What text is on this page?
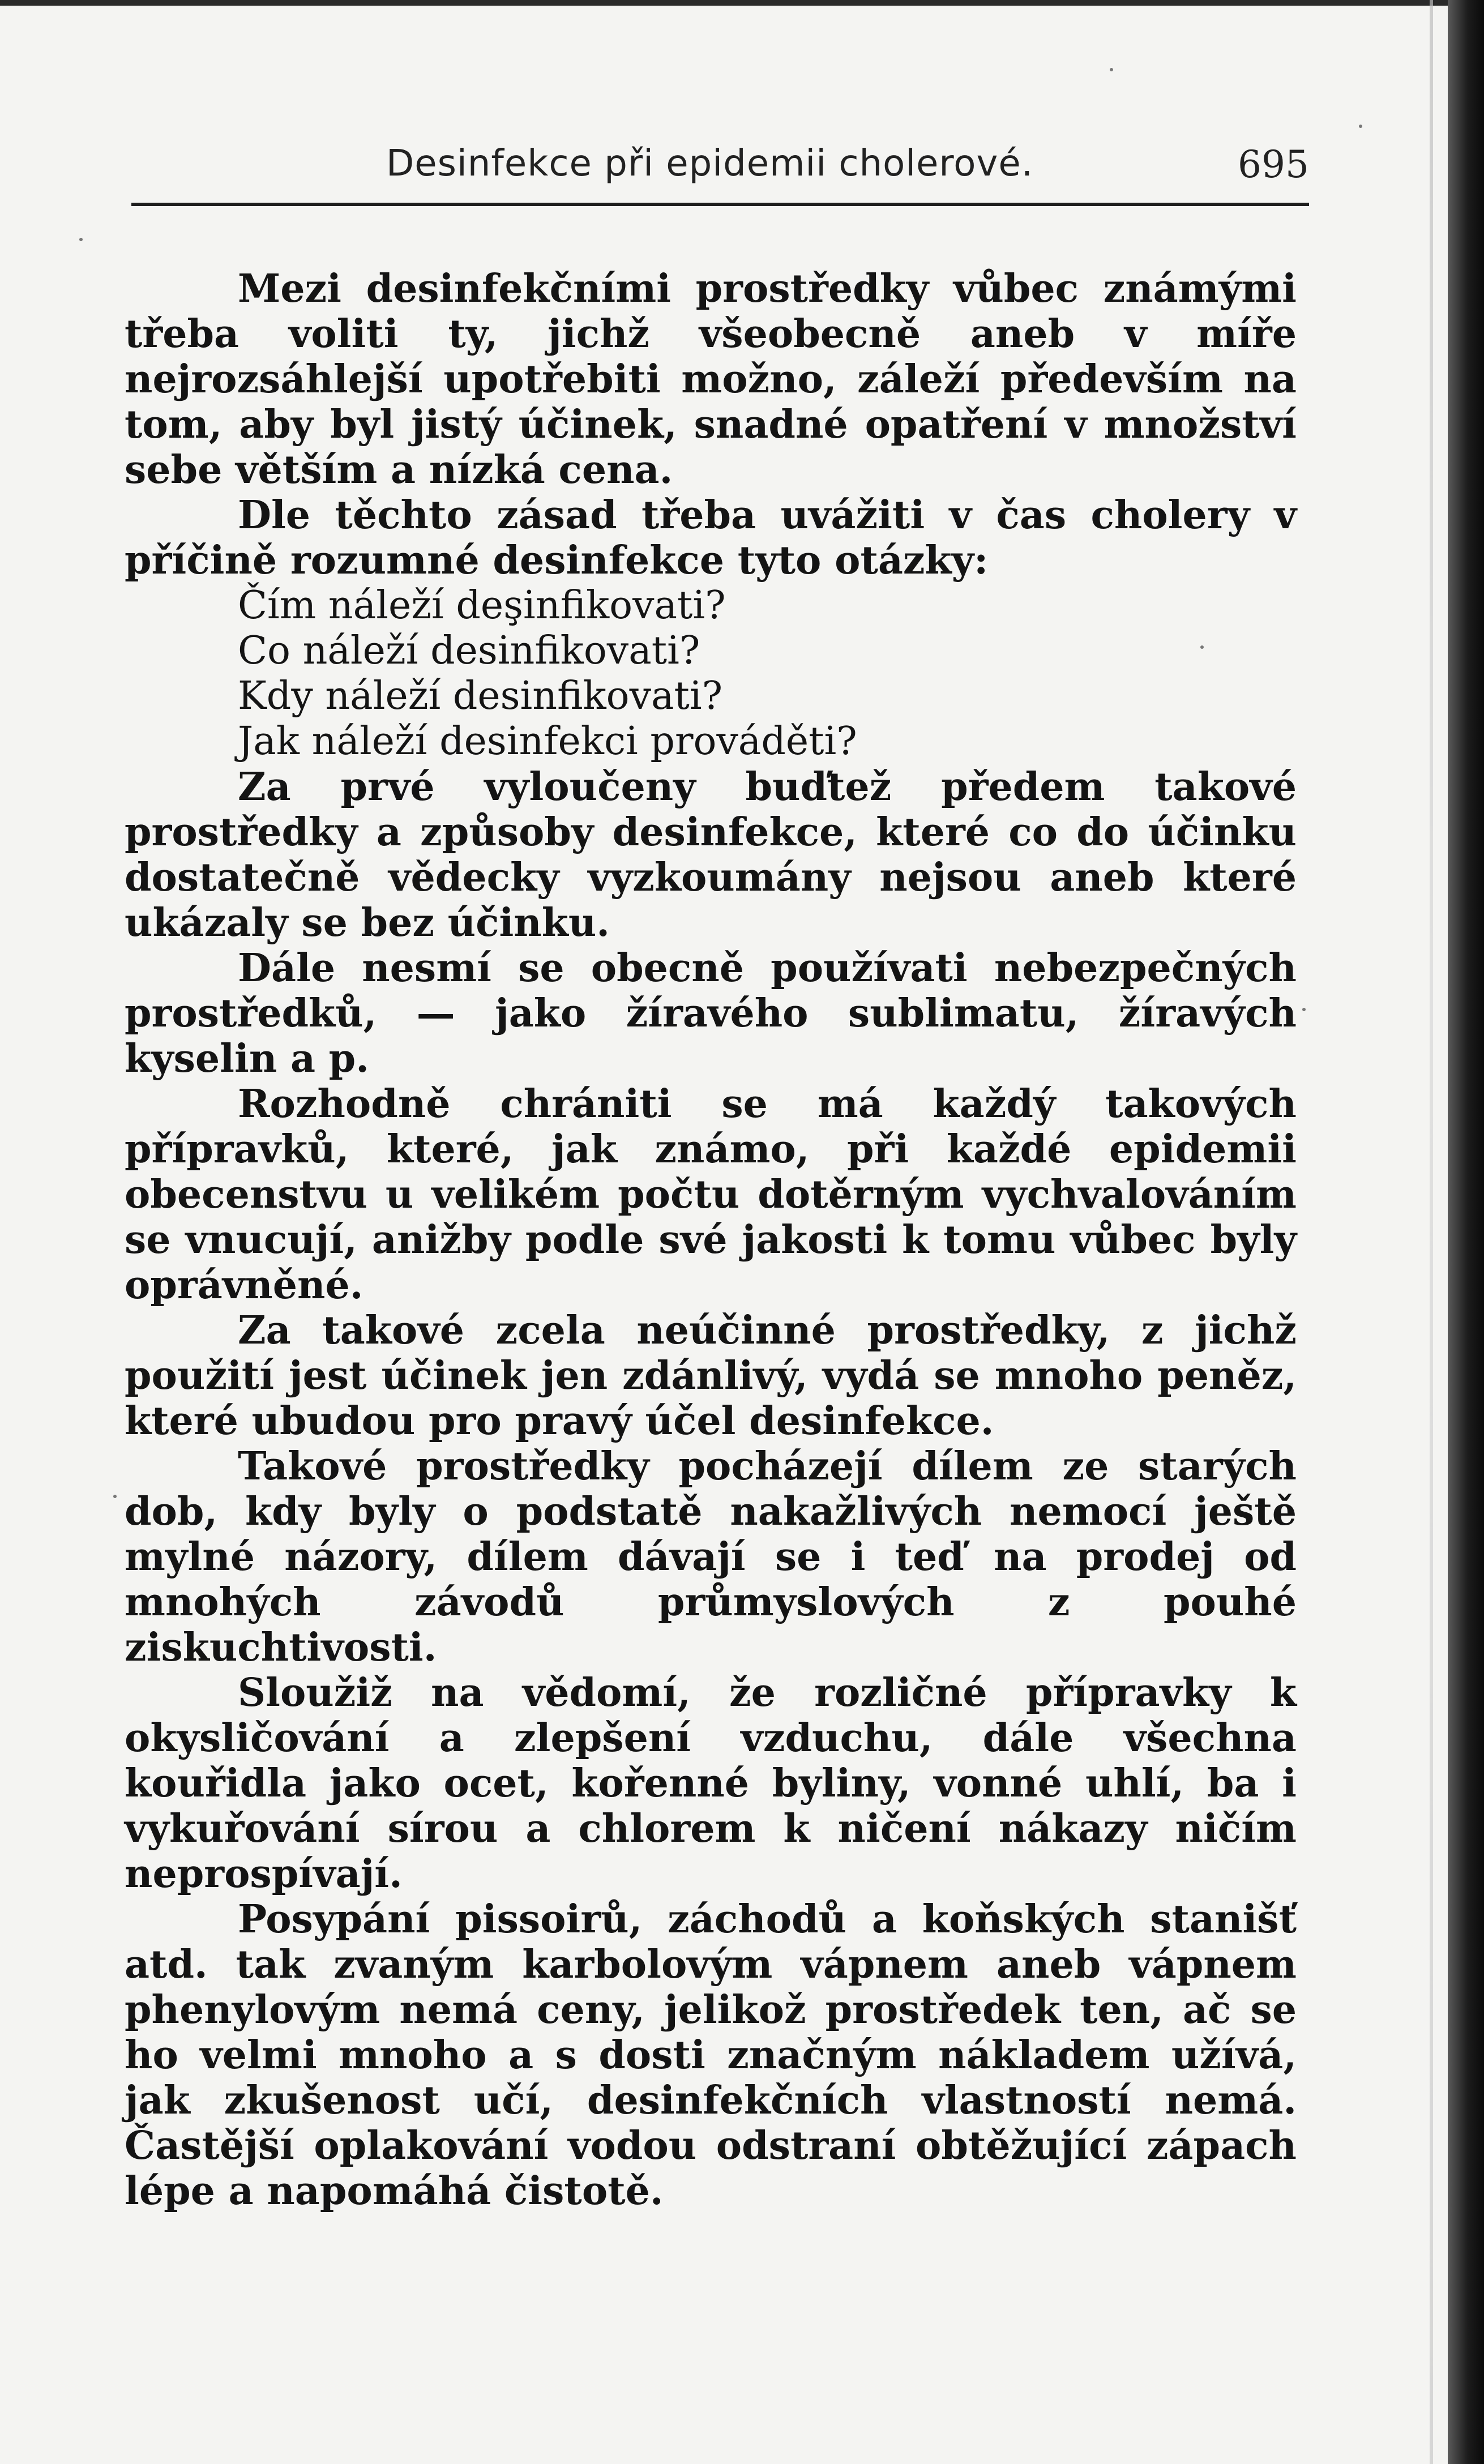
Desinfekce při epidemii cholerové.	695

Mezi desinfekčními prostředky vůbec známými třeba voliti ty, jichž všeobecně aneb v míře nejrozsáhlejší upotřebiti možno, záleží především na tom, aby byl jistý účinek, snadné opatření v množství sebe větším a nízká cena.

Dle těchto zásad třeba uvážiti v čas cholery v příčině rozumné desinfekce tyto otázky:

Čím náleží deşinfikovati?

Co náleží desinfikovati?

Kdy náleží desinfikovati?

Jak náleží desinfekci prováděti?

Za prvé vyloučeny buďtež předem takové prostředky a způsoby desinfekce, které co do účinku dostatečně vědecky vyzkoumány nejsou aneb které ukázaly se bez účinku.

Dále nesmí se obecně používati nebezpečných prostředků, — jako žíravého sublimatu, žíravých kyselin a p.

Rozhodně chrániti se má každý takových přípravků, které, jak známo, při každé epidemii obecenstvu u velikém počtu dotěrným vychvalováním se vnucují, anižby podle své jakosti k tomu vůbec byly oprávněné.

Za takové zcela neúčinné prostředky, z jichž použití jest účinek jen zdánlivý, vydá se mnoho peněz, které ubudou pro pravý účel desinfekce.

Takové prostředky pocházejí dílem ze starých dob, kdy byly o podstatě nakažlivých nemocí ještě mylné názory, dílem dávají se i teď na prodej od mnohých závodů průmyslových z pouhé ziskuchtivosti.

Sloužiž na vědomí, že rozličné přípravky k okysličování a zlepšení vzduchu, dále všechna kouřidla jako ocet, kořenné byliny, vonné uhlí, ba i vykuřování sírou a chlorem k ničení nákazy ničím neprospívají.

Posypání pissoirů, záchodů a koňských stanišť atd. tak zvaným karbolovým vápnem aneb vápnem phenylovým nemá ceny, jelikož prostředek ten, ač se ho velmi mnoho a s dosti značným nákladem užívá, jak zkušenost učí, desinfekčních vlastností nemá. Častější oplakování vodou odstraní obtěžující zápach lépe a napomáhá čistotě.
